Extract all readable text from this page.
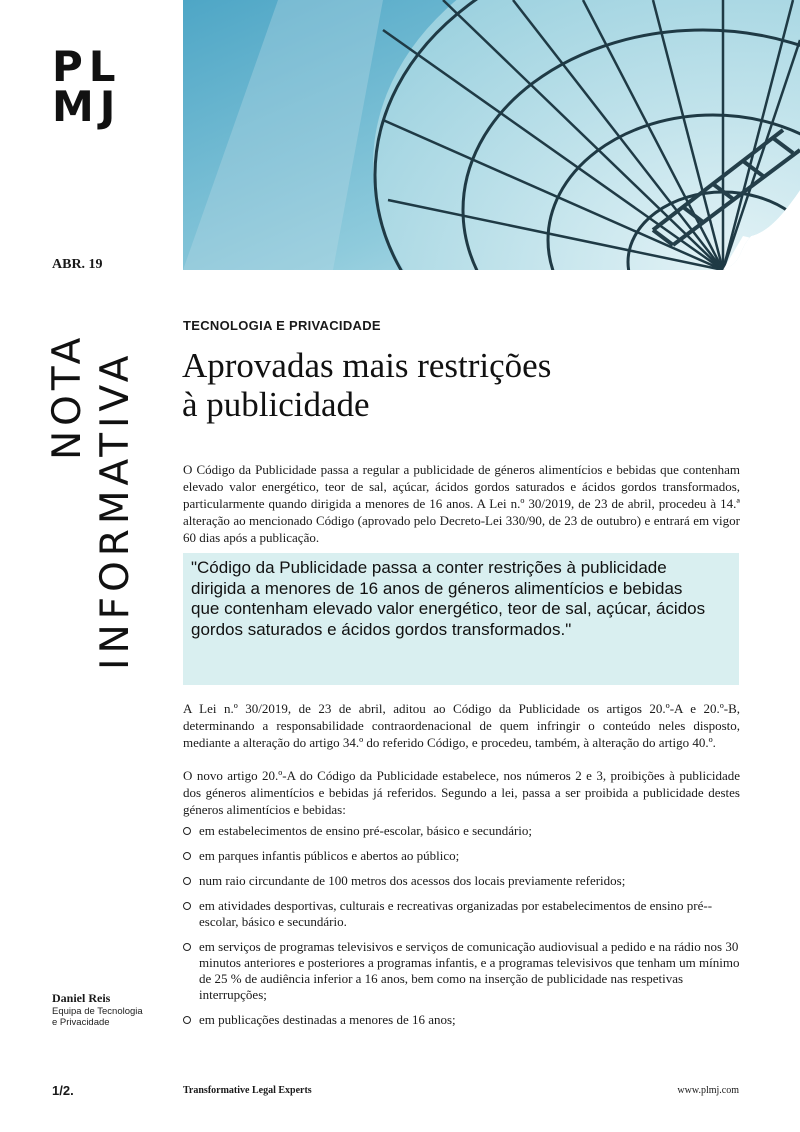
PL
MJ
ABR. 19
NOTA INFORMATIVA
TECNOLOGIA E PRIVACIDADE
Aprovadas mais restrições
à publicidade

O Código da Publicidade passa a regular a publicidade de géneros alimentícios e bebidas que contenham elevado valor energético, teor de sal, açúcar, ácidos gordos saturados e ácidos gordos transformados, particularmente quando dirigida a menores de 16 anos. A Lei n.º 30/2019, de 23 de abril, procedeu à 14.ª alteração ao mencionado Código (aprovado pelo Decreto-Lei 330/90, de 23 de outubro) e entrará em vigor 60 dias após a publicação.

"Código da Publicidade passa a conter restrições à publicidade dirigida a menores de 16 anos de géneros alimentícios e bebidas que contenham elevado valor energético, teor de sal, açúcar, ácidos gordos saturados e ácidos gordos transformados."

A Lei n.º 30/2019, de 23 de abril, aditou ao Código da Publicidade os artigos 20.º-A e 20.º-B, determinando a responsabilidade contraordenacional de quem infringir o conteúdo neles disposto, mediante a alteração do artigo 34.º do referido Código, e procedeu, também, à alteração do artigo 40.º.

O novo artigo 20.º-A do Código da Publicidade estabelece, nos números 2 e 3, proibições à publicidade dos géneros alimentícios e bebidas já referidos. Segundo a lei, passa a ser proibida a publicidade destes géneros alimentícios e bebidas:

em estabelecimentos de ensino pré-escolar, básico e secundário;
em parques infantis públicos e abertos ao público;
num raio circundante de 100 metros dos acessos dos locais previamente referidos;
em atividades desportivas, culturais e recreativas organizadas por estabelecimentos de ensino pré--escolar, básico e secundário.
em serviços de programas televisivos e serviços de comunicação audiovisual a pedido e na rádio nos 30 minutos anteriores e posteriores a programas infantis, e a programas televisivos que tenham um mínimo de 25 % de audiência inferior a 16 anos, bem como na inserção de publicidade nas respetivas interrupções;
em publicações destinadas a menores de 16 anos;
Daniel Reis
Equipa de Tecnologia
e Privacidade
1/2.	Transformative Legal Experts	www.plmj.com
